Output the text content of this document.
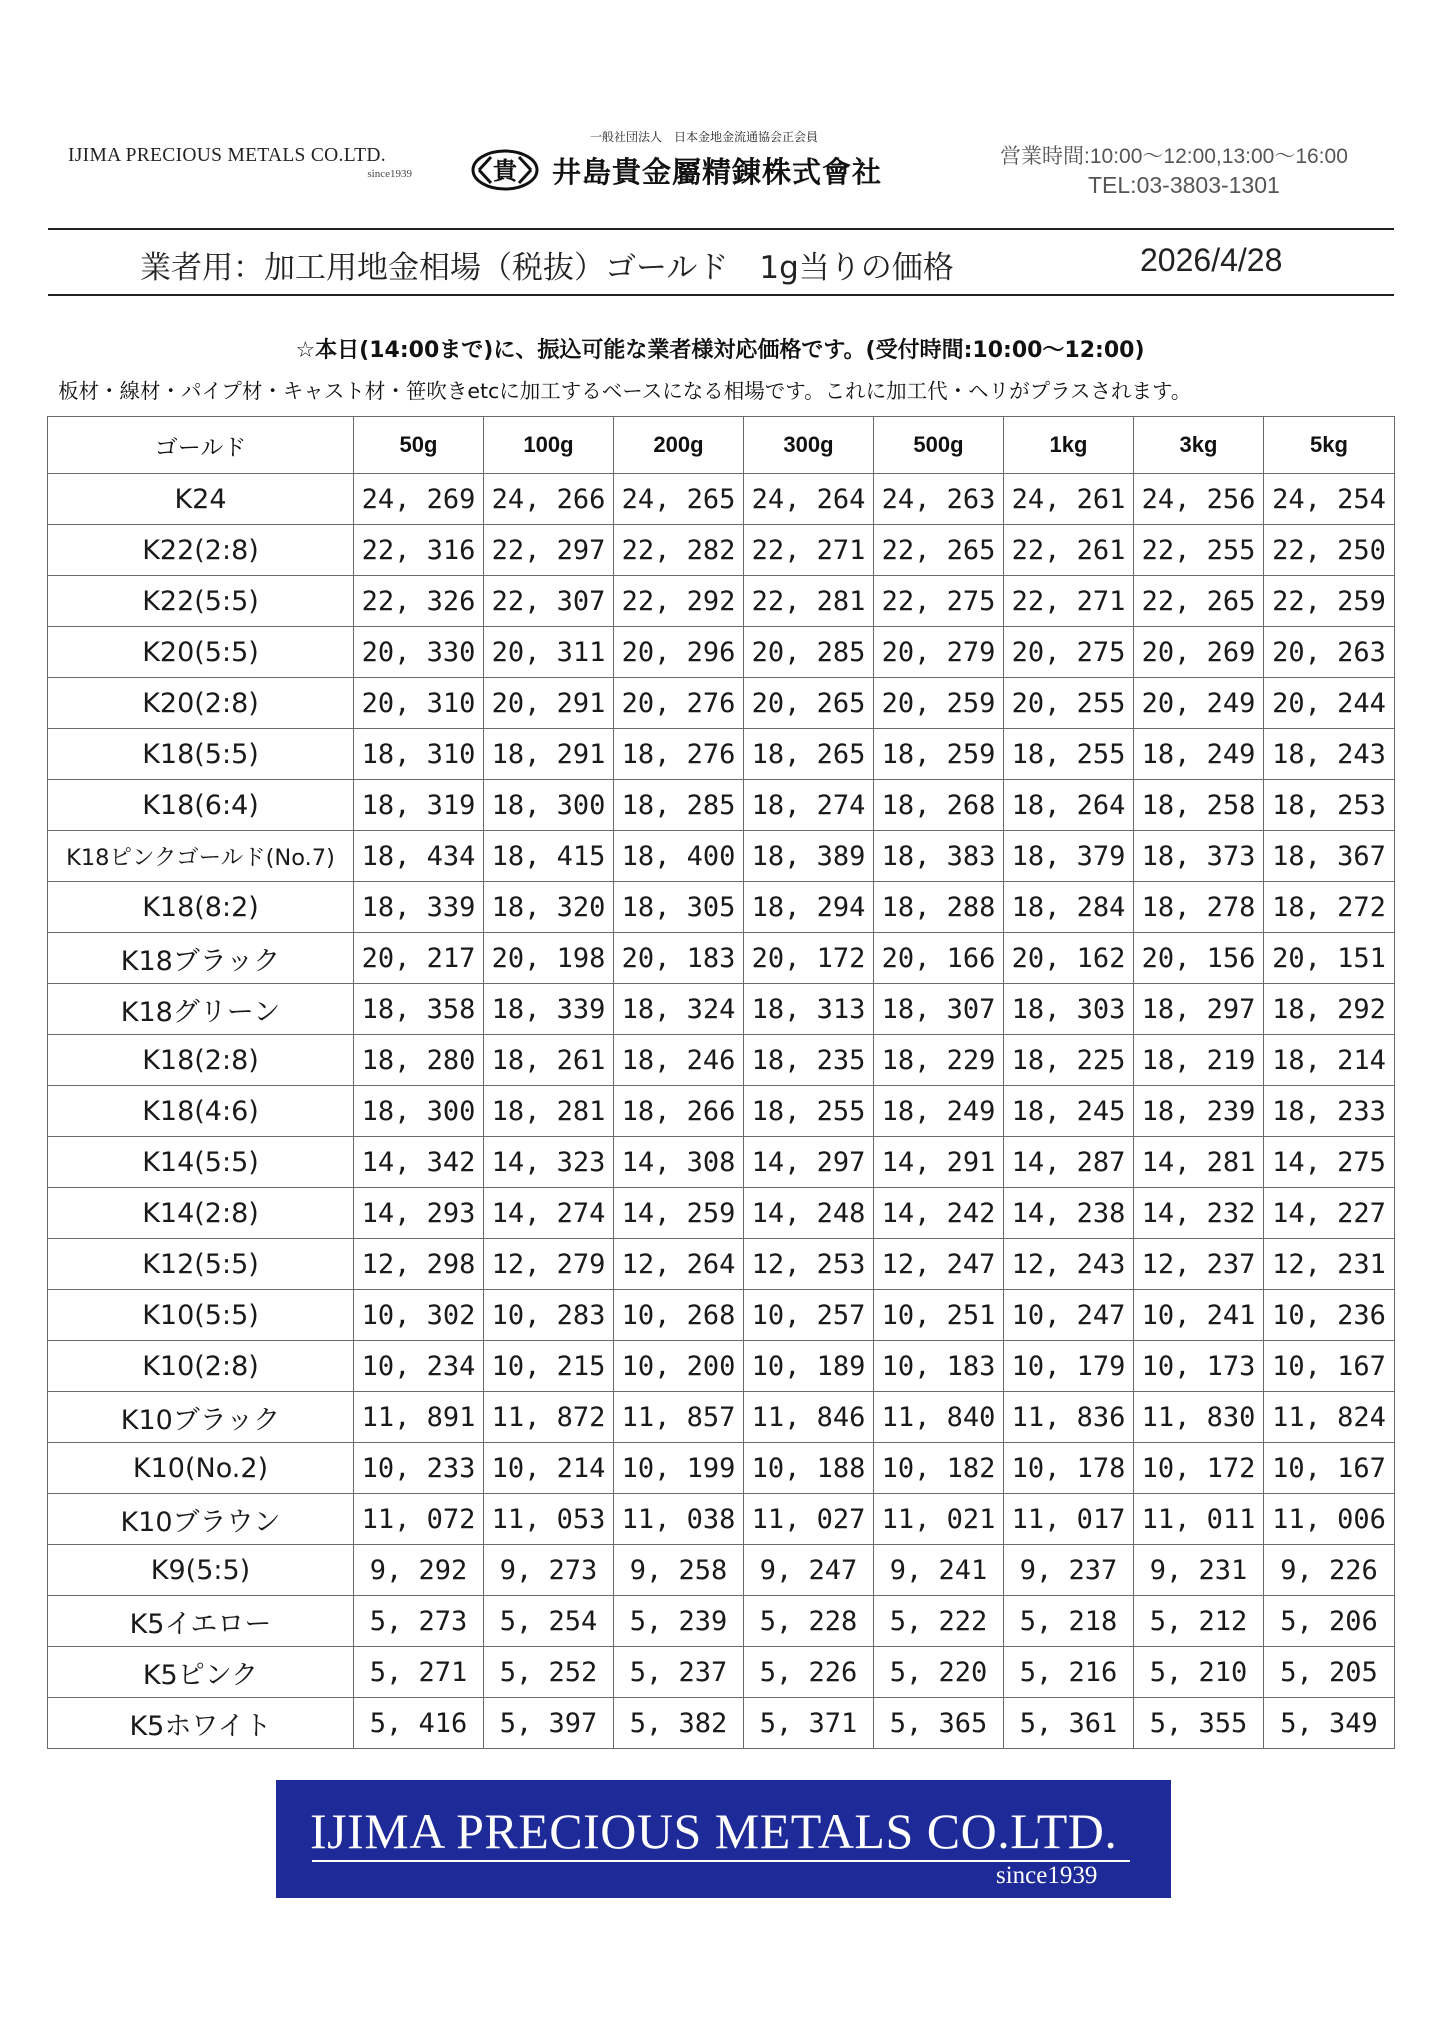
IJIMA PRECIOUS METALS CO.LTD.
since1939
一般社団法人　日本金地金流通協会正会員
貴 井島貴金屬精錬株式會社	営業時間:10:00～12:00,13:00～16:00
TEL:03-3803-1301
業者用：加工用地金相場（税抜）ゴールド　1g当りの価格	2026/4/28
☆本日(14:00まで)に、振込可能な業者様対応価格です。(受付時間:10:00～12:00)
板材・線材・パイプ材・キャスト材・笹吹きetcに加工するベースになる相場です。これに加工代・ヘリがプラスされます。
ゴールド	50g	100g	200g	300g	500g	1kg	3kg	5kg
K24	24, 269	24, 266	24, 265	24, 264	24, 263	24, 261	24, 256	24, 254
K22(2:8)	22, 316	22, 297	22, 282	22, 271	22, 265	22, 261	22, 255	22, 250
K22(5:5)	22, 326	22, 307	22, 292	22, 281	22, 275	22, 271	22, 265	22, 259
K20(5:5)	20, 330	20, 311	20, 296	20, 285	20, 279	20, 275	20, 269	20, 263
K20(2:8)	20, 310	20, 291	20, 276	20, 265	20, 259	20, 255	20, 249	20, 244
K18(5:5)	18, 310	18, 291	18, 276	18, 265	18, 259	18, 255	18, 249	18, 243
K18(6:4)	18, 319	18, 300	18, 285	18, 274	18, 268	18, 264	18, 258	18, 253
K18ピンクゴールド(No.7)	18, 434	18, 415	18, 400	18, 389	18, 383	18, 379	18, 373	18, 367
K18(8:2)	18, 339	18, 320	18, 305	18, 294	18, 288	18, 284	18, 278	18, 272
K18ブラック	20, 217	20, 198	20, 183	20, 172	20, 166	20, 162	20, 156	20, 151
K18グリーン	18, 358	18, 339	18, 324	18, 313	18, 307	18, 303	18, 297	18, 292
K18(2:8)	18, 280	18, 261	18, 246	18, 235	18, 229	18, 225	18, 219	18, 214
K18(4:6)	18, 300	18, 281	18, 266	18, 255	18, 249	18, 245	18, 239	18, 233
K14(5:5)	14, 342	14, 323	14, 308	14, 297	14, 291	14, 287	14, 281	14, 275
K14(2:8)	14, 293	14, 274	14, 259	14, 248	14, 242	14, 238	14, 232	14, 227
K12(5:5)	12, 298	12, 279	12, 264	12, 253	12, 247	12, 243	12, 237	12, 231
K10(5:5)	10, 302	10, 283	10, 268	10, 257	10, 251	10, 247	10, 241	10, 236
K10(2:8)	10, 234	10, 215	10, 200	10, 189	10, 183	10, 179	10, 173	10, 167
K10ブラック	11, 891	11, 872	11, 857	11, 846	11, 840	11, 836	11, 830	11, 824
K10(No.2)	10, 233	10, 214	10, 199	10, 188	10, 182	10, 178	10, 172	10, 167
K10ブラウン	11, 072	11, 053	11, 038	11, 027	11, 021	11, 017	11, 011	11, 006
K9(5:5)	9, 292	9, 273	9, 258	9, 247	9, 241	9, 237	9, 231	9, 226
K5イエロー	5, 273	5, 254	5, 239	5, 228	5, 222	5, 218	5, 212	5, 206
K5ピンク	5, 271	5, 252	5, 237	5, 226	5, 220	5, 216	5, 210	5, 205
K5ホワイト	5, 416	5, 397	5, 382	5, 371	5, 365	5, 361	5, 355	5, 349
IJIMA PRECIOUS METALS CO.LTD.
since1939
